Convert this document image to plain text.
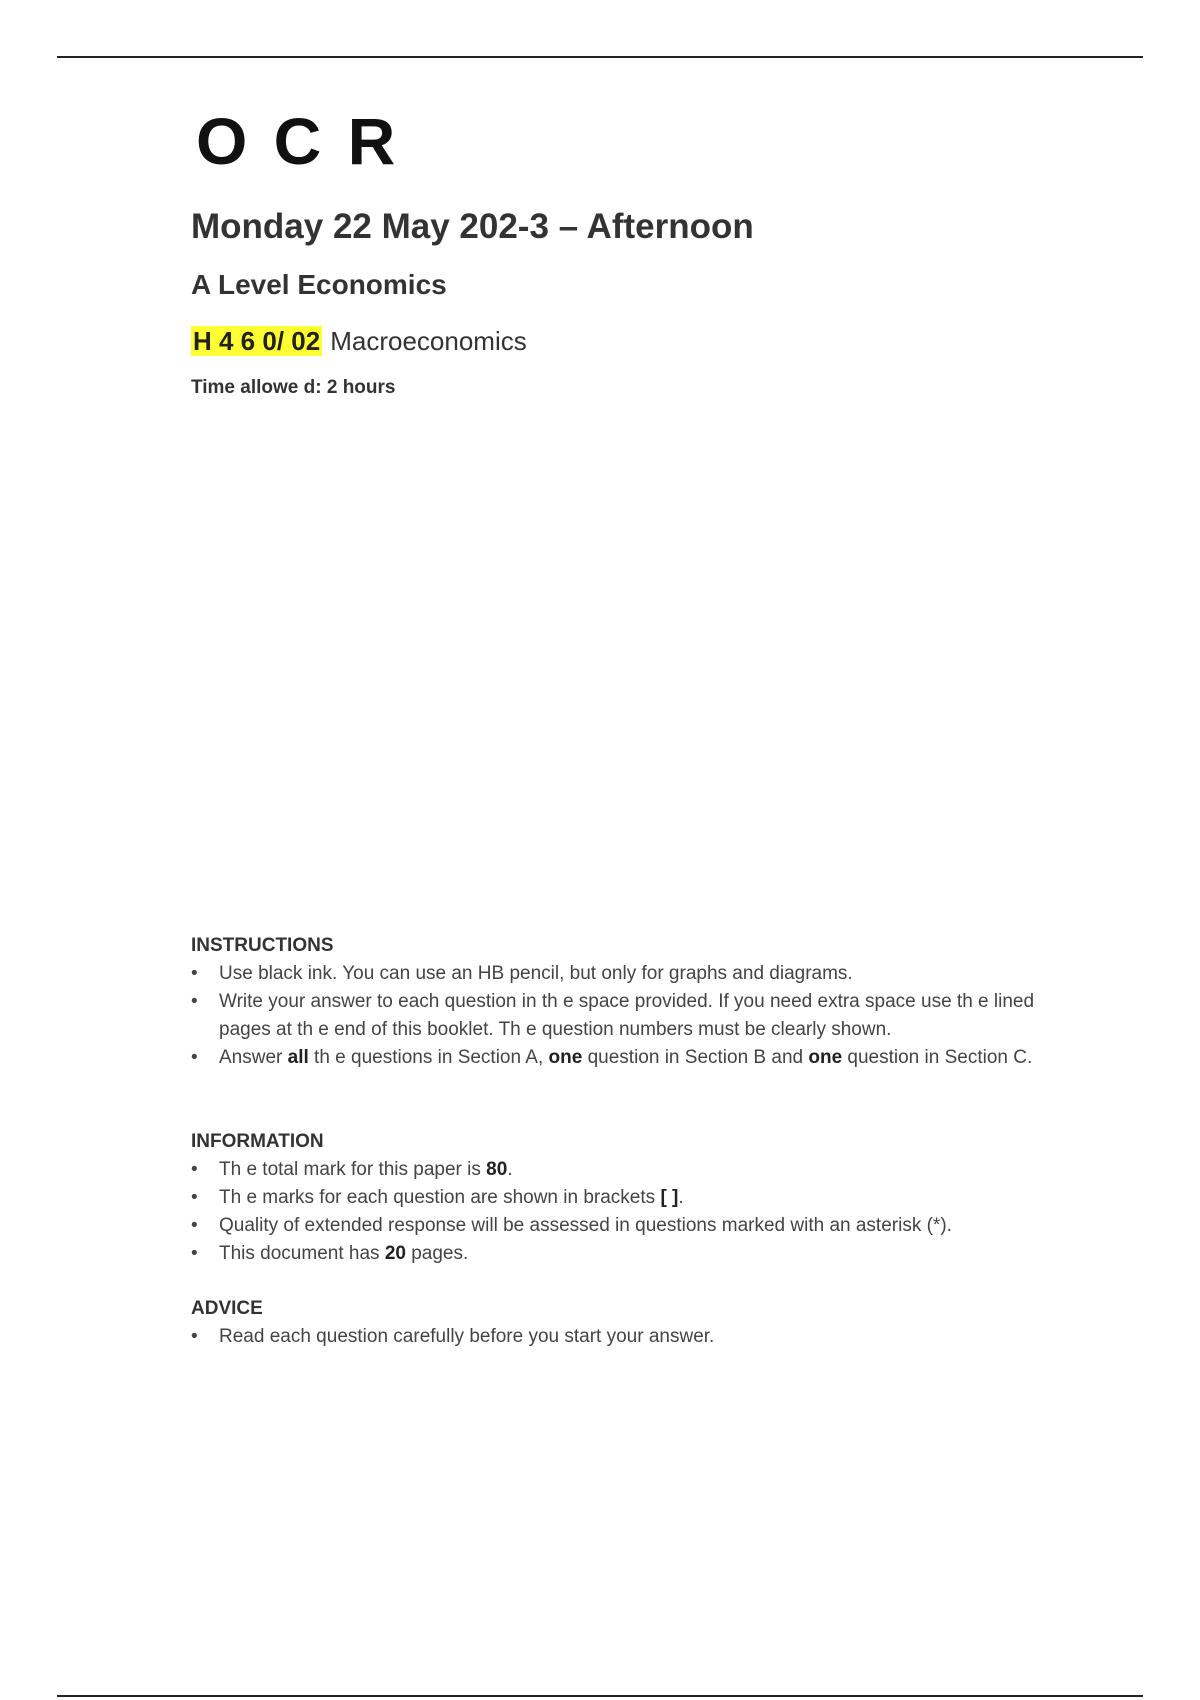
O C R
Monday 22 May 202-3 – Afternoon
A Level Economics
H 4 6 0/ 02 Macroeconomics
Time allowe d: 2 hours
INSTRUCTIONS
• Use black ink. You can use an HB pencil, but only for graphs and diagrams.
• Write your answer to each question in th e space provided. If you need extra space use th e lined pages at th e end of this booklet. Th e question numbers must be clearly shown.
• Answer all th e questions in Section A, one question in Section B and one question in Section C.
INFORMATION
• Th e total mark for this paper is 80.
• Th e marks for each question are shown in brackets [ ].
• Quality of extended response will be assessed in questions marked with an asterisk (*).
• This document has 20 pages.
ADVICE
• Read each question carefully before you start your answer.
